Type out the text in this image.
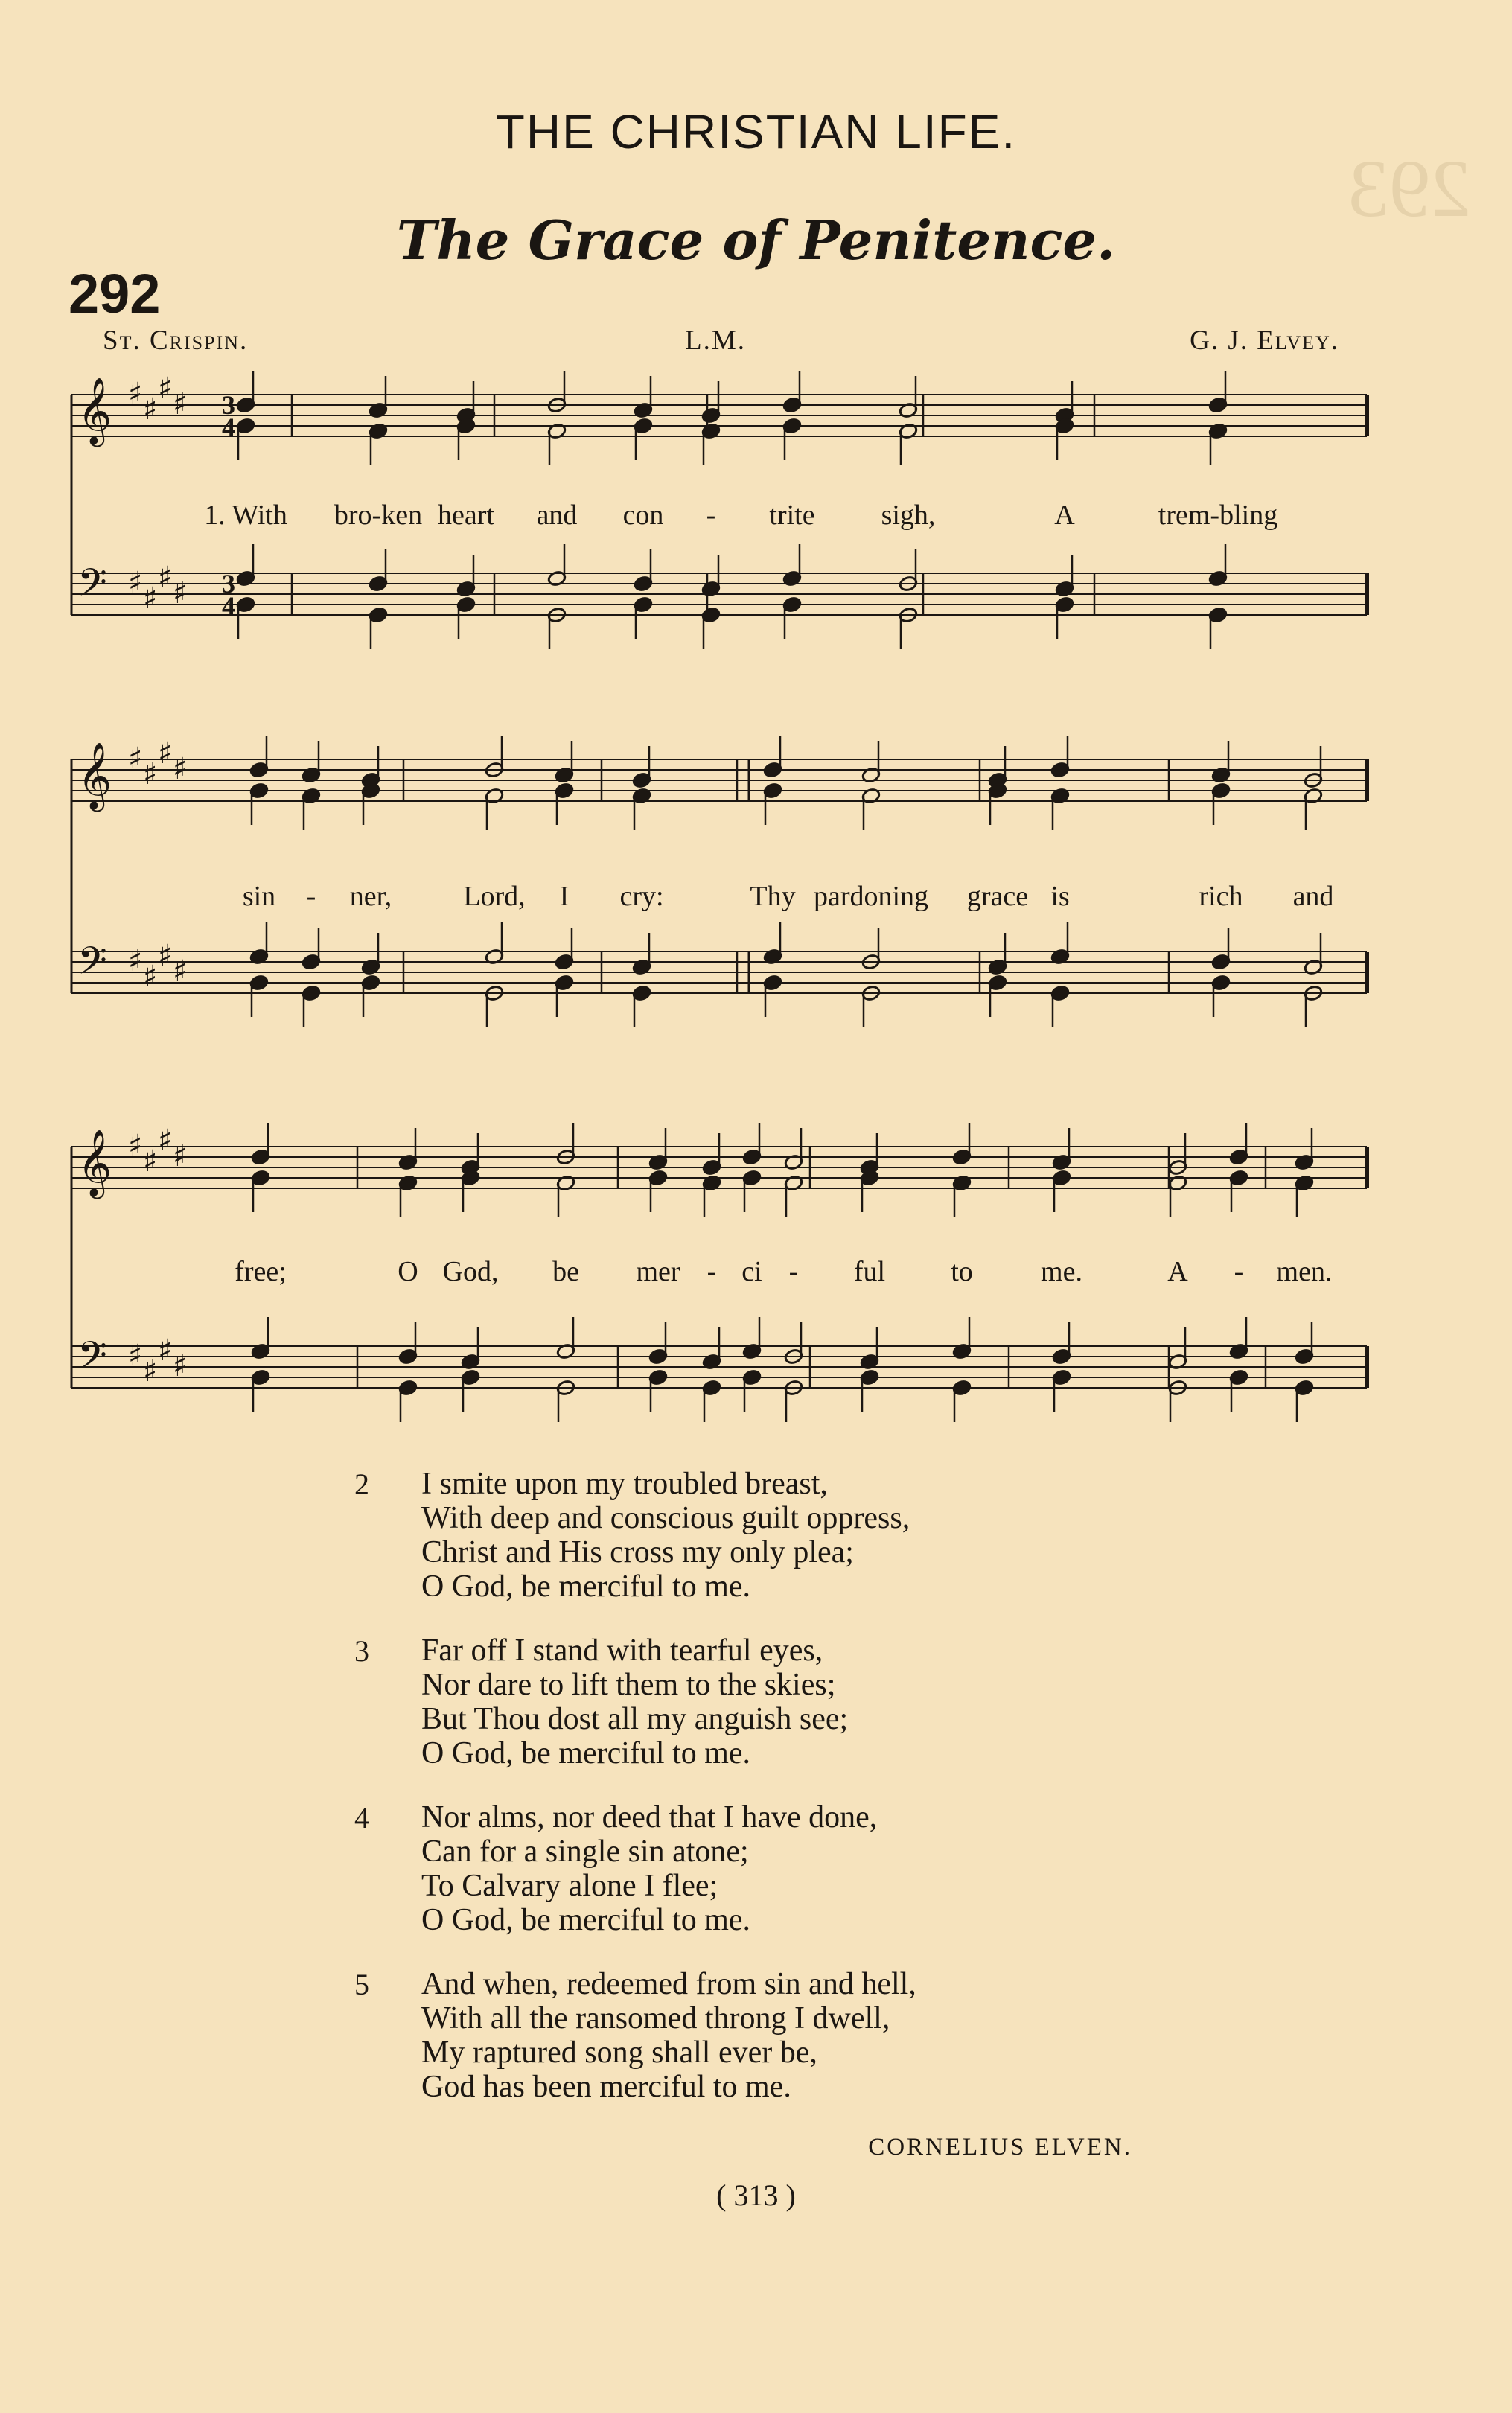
293
THE CHRISTIAN LIFE.
The Grace of Penitence.
292
St. Crispin.	L.M.	G. J. Elvey.
𝄞
𝄢
♯
♯
♯
♯
♯
♯
♯
♯
3
4
3
4
𝄞
𝄢
♯
♯
♯
♯
♯
♯
♯
♯
𝄞
𝄢
♯
♯
♯
♯
♯
♯
♯
♯
1. With bro-ken heart and con - trite sigh,	A	trem-bling
sin - ner,	Lord, I cry:	Thy pardoning grace is	rich and
free;	O God, be mer - ci - ful to me.	A - men.
2	I smite upon my troubled breast,
With deep and conscious guilt oppress,
Christ and His cross my only plea;
O God, be merciful to me.
3	Far off I stand with tearful eyes,
Nor dare to lift them to the skies;
But Thou dost all my anguish see;
O God, be merciful to me.
4	Nor alms, nor deed that I have done,
Can for a single sin atone;
To Calvary alone I flee;
O God, be merciful to me.
5	And when, redeemed from sin and hell,
With all the ransomed throng I dwell,
My raptured song shall ever be,
God has been merciful to me.
CORNELIUS ELVEN.
( 313 )
